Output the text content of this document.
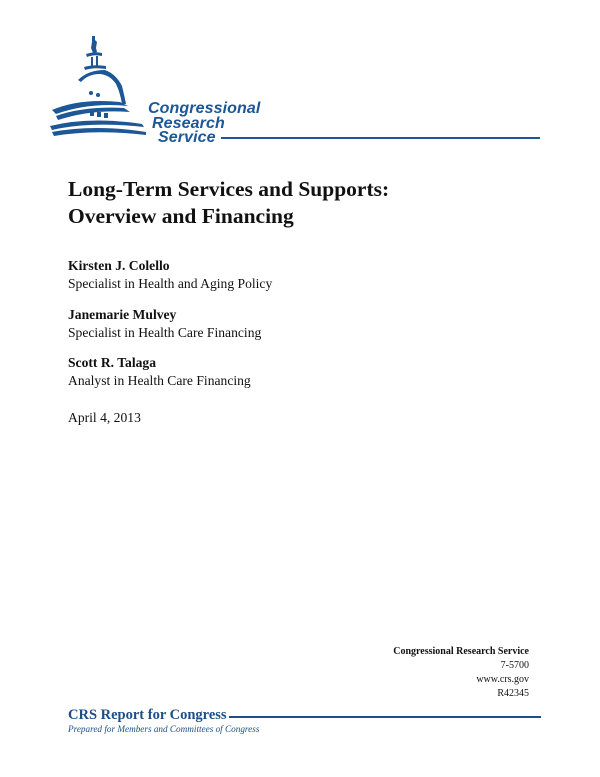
Congressional
Research
Service
Long-Term Services and Supports:
Overview and Financing
Kirsten J. Colello
Specialist in Health and Aging Policy
Janemarie Mulvey
Specialist in Health Care Financing
Scott R. Talaga
Analyst in Health Care Financing
April 4, 2013
Congressional Research Service
7-5700
www.crs.gov
R42345
CRS Report for Congress
Prepared for Members and Committees of Congress
